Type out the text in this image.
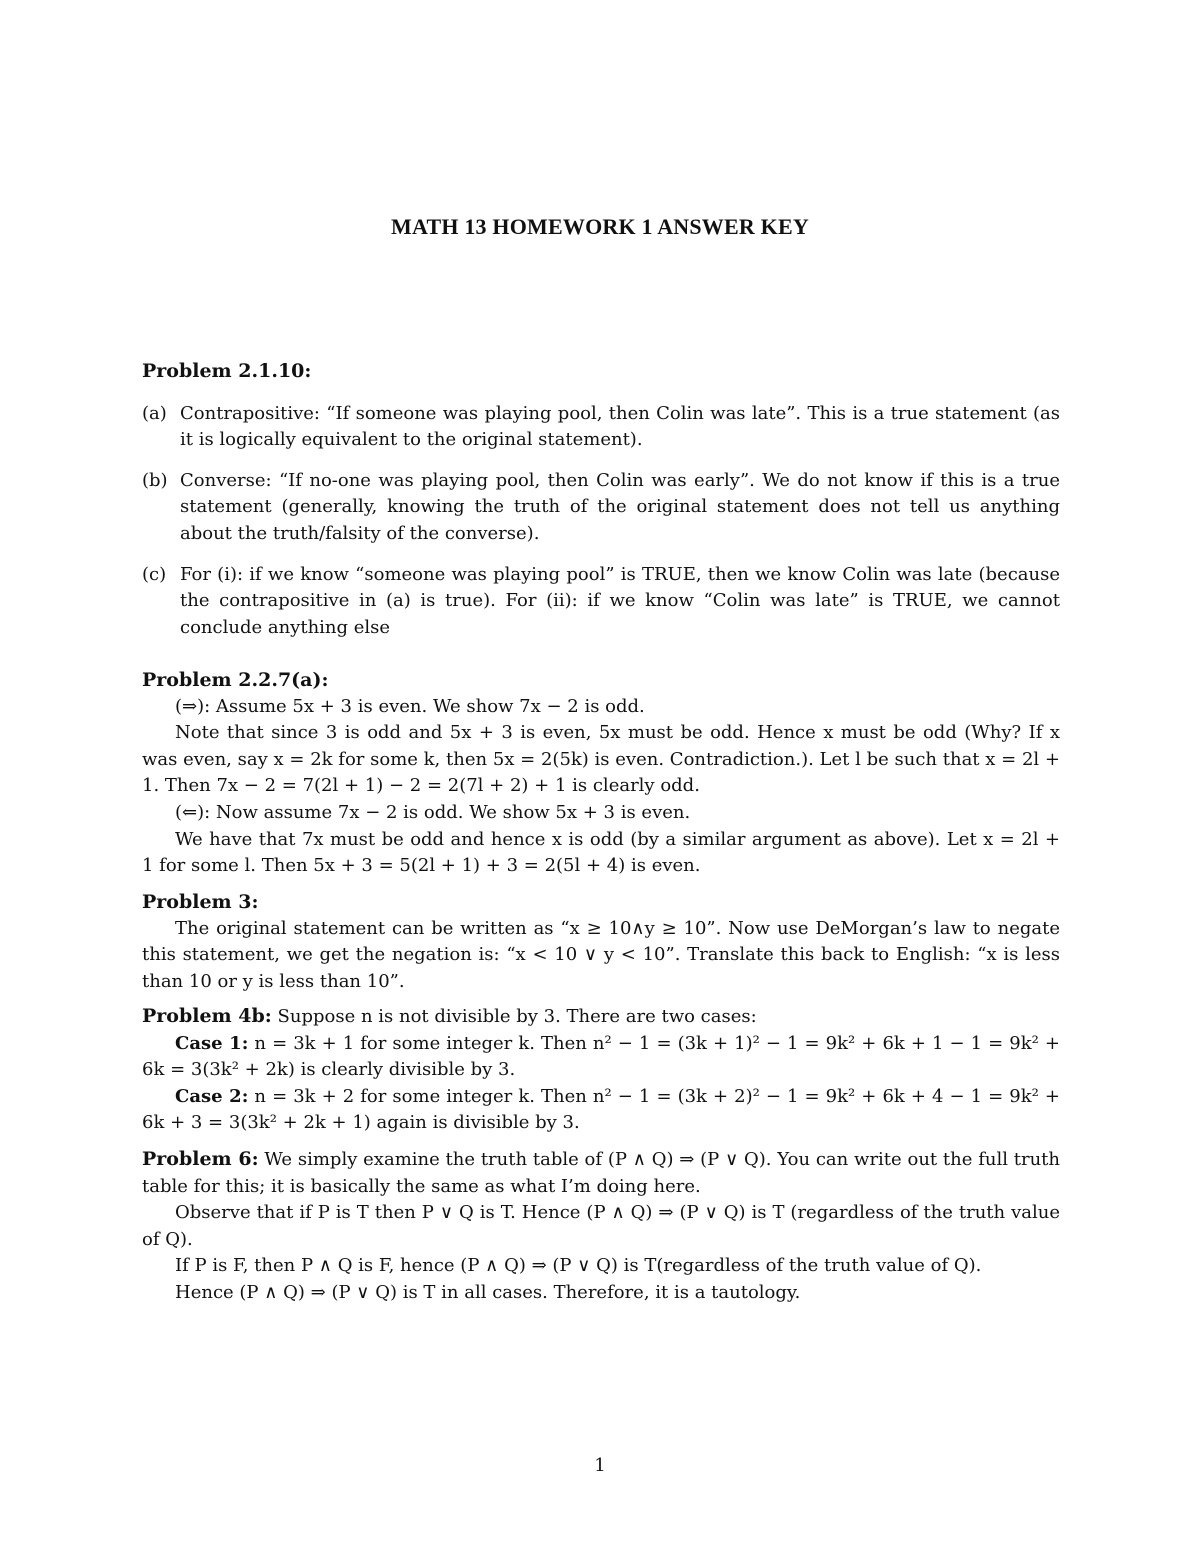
MATH 13 HOMEWORK 1 ANSWER KEY
Problem 2.1.10:
(a) Contrapositive: “If someone was playing pool, then Colin was late”. This is a true statement (as it is logically equivalent to the original statement).
(b) Converse: “If no-one was playing pool, then Colin was early”. We do not know if this is a true statement (generally, knowing the truth of the original statement does not tell us anything about the truth/falsity of the converse).
(c) For (i): if we know “someone was playing pool” is TRUE, then we know Colin was late (because the contrapositive in (a) is true). For (ii): if we know “Colin was late” is TRUE, we cannot conclude anything else
Problem 2.2.7(a):

(⇒): Assume 5x + 3 is even. We show 7x − 2 is odd.

Note that since 3 is odd and 5x + 3 is even, 5x must be odd. Hence x must be odd (Why? If x was even, say x = 2k for some k, then 5x = 2(5k) is even. Contradiction.). Let l be such that x = 2l + 1. Then 7x − 2 = 7(2l + 1) − 2 = 2(7l + 2) + 1 is clearly odd.

(⇐): Now assume 7x − 2 is odd. We show 5x + 3 is even.

We have that 7x must be odd and hence x is odd (by a similar argument as above). Let x = 2l + 1 for some l. Then 5x + 3 = 5(2l + 1) + 3 = 2(5l + 4) is even.

Problem 3:

The original statement can be written as “x ≥ 10∧y ≥ 10”. Now use DeMorgan’s law to negate this statement, we get the negation is: “x < 10 ∨ y < 10”. Translate this back to English: “x is less than 10 or y is less than 10”.

Problem 4b: Suppose n is not divisible by 3. There are two cases:

Case 1: n = 3k + 1 for some integer k. Then n² − 1 = (3k + 1)² − 1 = 9k² + 6k + 1 − 1 = 9k² + 6k = 3(3k² + 2k) is clearly divisible by 3.

Case 2: n = 3k + 2 for some integer k. Then n² − 1 = (3k + 2)² − 1 = 9k² + 6k + 4 − 1 = 9k² + 6k + 3 = 3(3k² + 2k + 1) again is divisible by 3.

Problem 6: We simply examine the truth table of (P ∧ Q) ⇒ (P ∨ Q). You can write out the full truth table for this; it is basically the same as what I’m doing here.

Observe that if P is T then P ∨ Q is T. Hence (P ∧ Q) ⇒ (P ∨ Q) is T (regardless of the truth value of Q).

If P is F, then P ∧ Q is F, hence (P ∧ Q) ⇒ (P ∨ Q) is T(regardless of the truth value of Q).

Hence (P ∧ Q) ⇒ (P ∨ Q) is T in all cases. Therefore, it is a tautology.

1
